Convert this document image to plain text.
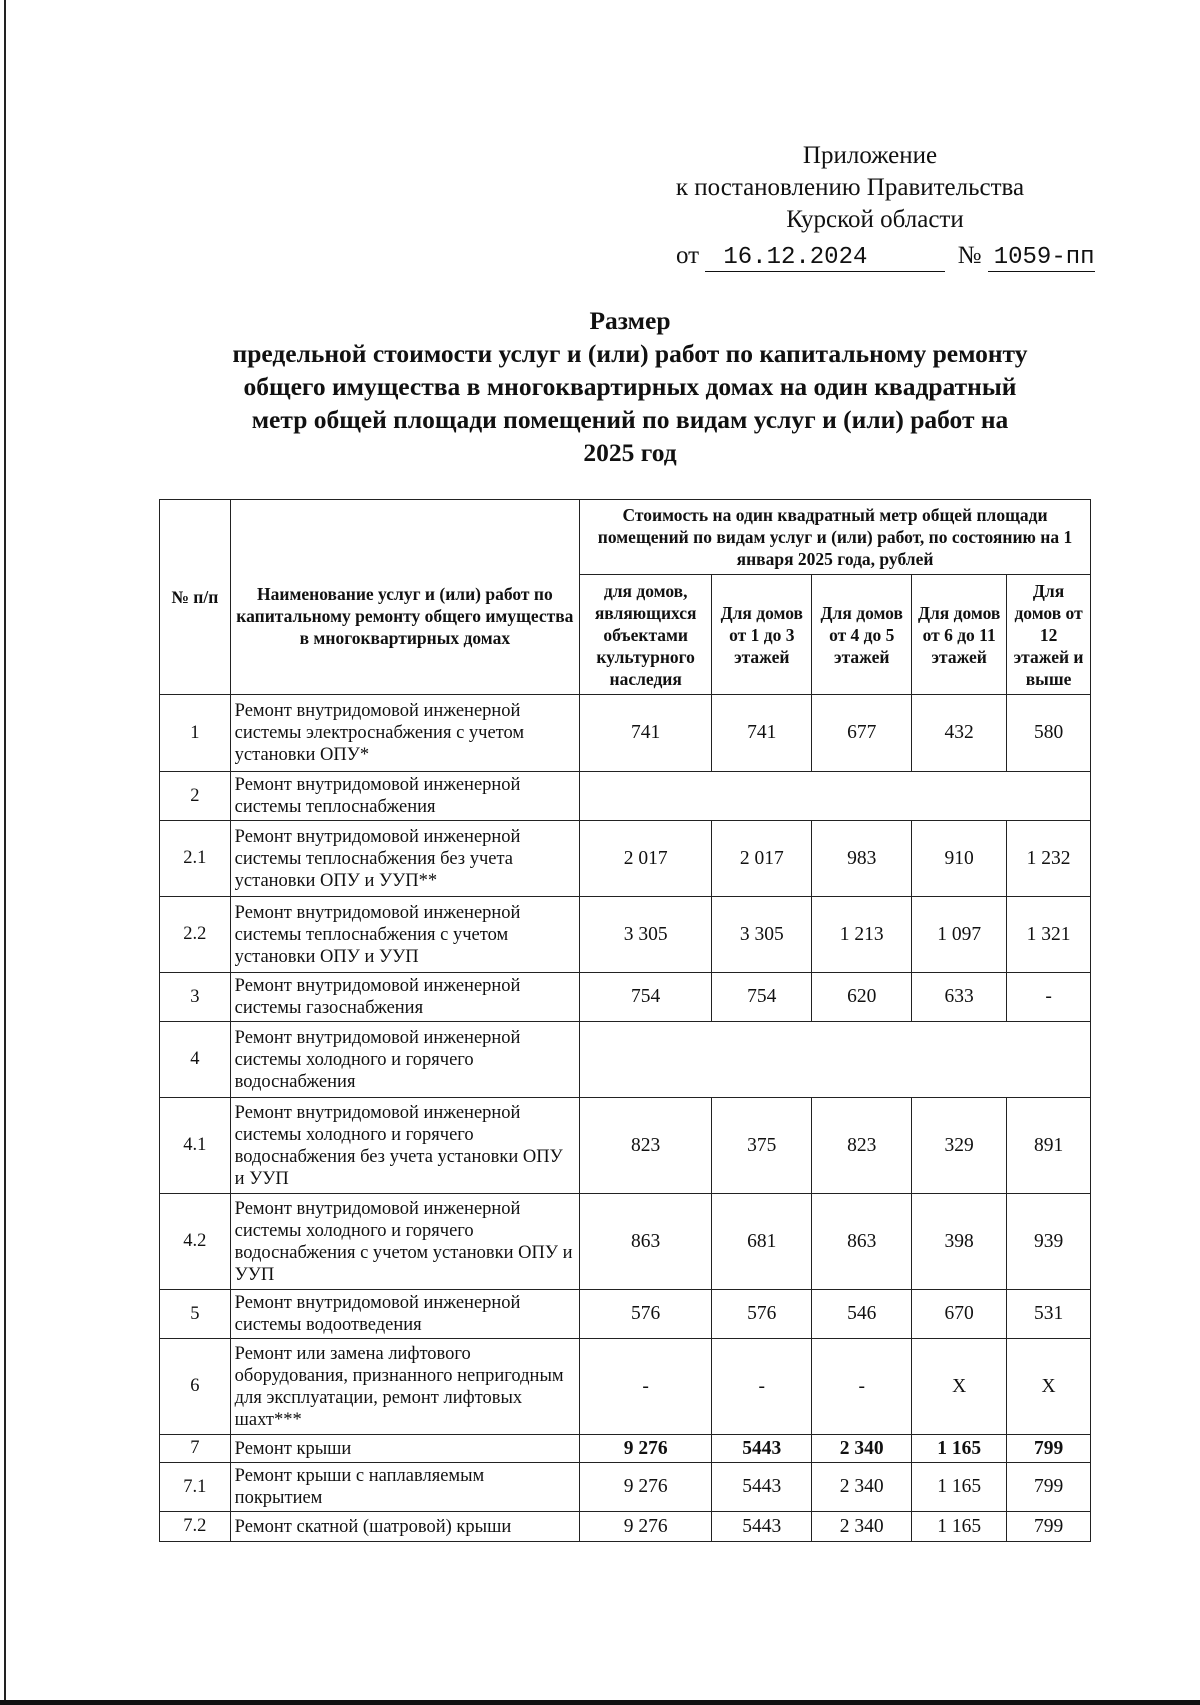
Приложение
к постановлению Правительства
Курской области
от 16.12.2024	№ 1059-пп
Размер
предельной стоимости услуг и (или) работ по капитальному ремонту
общего имущества в многоквартирных домах на один квадратный
метр общей площади помещений по видам услуг и (или) работ на
2025 год
№ п/п	Наименование услуг и (или) работ по капитальному ремонту общего имущества в многоквартирных домах	Стоимость на один квадратный метр общей площади помещений по видам услуг и (или) работ, по состоянию на 1 января 2025 года, рублей				
		для домов, являющихся объектами культурного наследия	Для домов от 1 до 3 этажей	Для домов от 4 до 5 этажей	Для домов от 6 до 11 этажей	Для домов от 12 этажей и выше
1	Ремонт внутридомовой инженерной системы электроснабжения с учетом установки ОПУ*	741	741	677	432	580
2	Ремонт внутридомовой инженерной системы теплоснабжения					
2.1	Ремонт внутридомовой инженерной системы теплоснабжения без учета установки ОПУ и УУП**	2 017	2 017	983	910	1 232
2.2	Ремонт внутридомовой инженерной системы теплоснабжения с учетом установки ОПУ и УУП	3 305	3 305	1 213	1 097	1 321
3	Ремонт внутридомовой инженерной системы газоснабжения	754	754	620	633	-
4	Ремонт внутридомовой инженерной системы холодного и горячего водоснабжения					
4.1	Ремонт внутридомовой инженерной системы холодного и горячего водоснабжения без учета установки ОПУ и УУП	823	375	823	329	891
4.2	Ремонт внутридомовой инженерной системы холодного и горячего водоснабжения с учетом установки ОПУ и УУП	863	681	863	398	939
5	Ремонт внутридомовой инженерной системы водоотведения	576	576	546	670	531
6	Ремонт или замена лифтового оборудования, признанного непригодным для эксплуатации, ремонт лифтовых шахт***	-	-	-	Х	Х
7	Ремонт крыши	9 276	5443	2 340	1 165	799
7.1	Ремонт крыши с наплавляемым покрытием	9 276	5443	2 340	1 165	799
7.2	Ремонт скатной (шатровой) крыши	9 276	5443	2 340	1 165	799
